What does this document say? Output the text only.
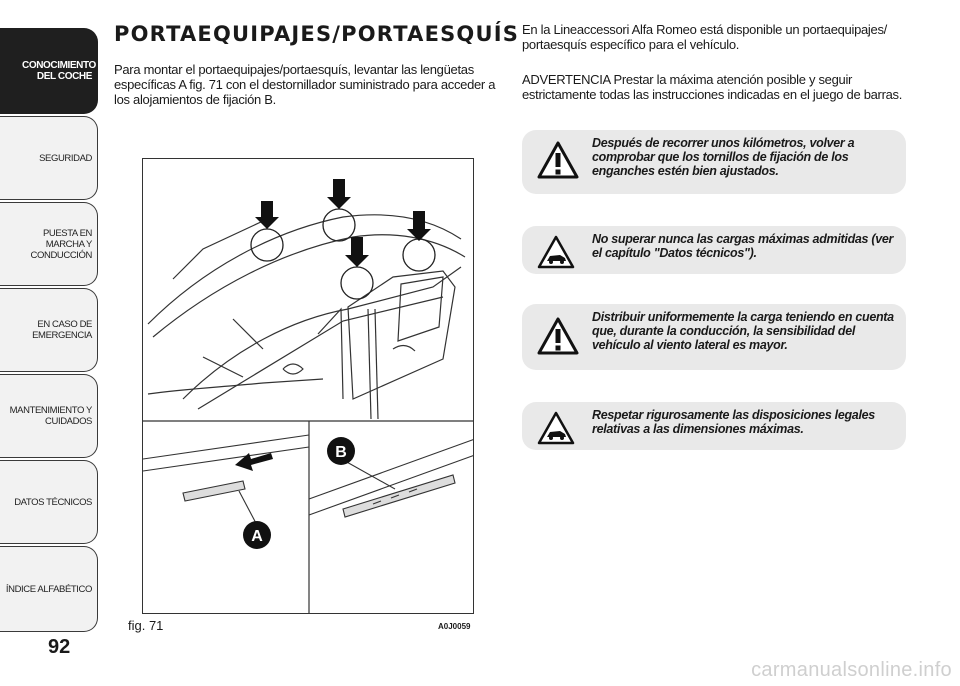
CONOCIMIENTO DEL COCHE
SEGURIDAD
PUESTA EN MARCHA Y CONDUCCIÓN
EN CASO DE EMERGENCIA
MANTENIMIENTO Y CUIDADOS
DATOS TÉCNICOS
ÍNDICE ALFABÉTICO
92
PORTAEQUIPAJES/PORTAESQUÍS
Para montar el portaequipajes/portaesquís, levantar las lengüetas específicas A fig. 71 con el destornillador suministrado para acceder a los alojamientos de fijación B.
A
B
fig. 71	A0J0059
En la Lineaccessori Alfa Romeo está disponible un portaequipajes/ portaesquís específico para el vehículo.
ADVERTENCIA Prestar la máxima atención posible y seguir estrictamente todas las instrucciones indicadas en el juego de barras.
Después de recorrer unos kilómetros, volver a comprobar que los tornillos de fijación de los enganches estén bien ajustados.
No superar nunca las cargas máximas admitidas (ver el capítulo "Datos técnicos").
Distribuir uniformemente la carga teniendo en cuenta que, durante la conducción, la sensibilidad del vehículo al viento lateral es mayor.
Respetar rigurosamente las disposiciones legales relativas a las dimensiones máximas.
carmanualsonline.info
